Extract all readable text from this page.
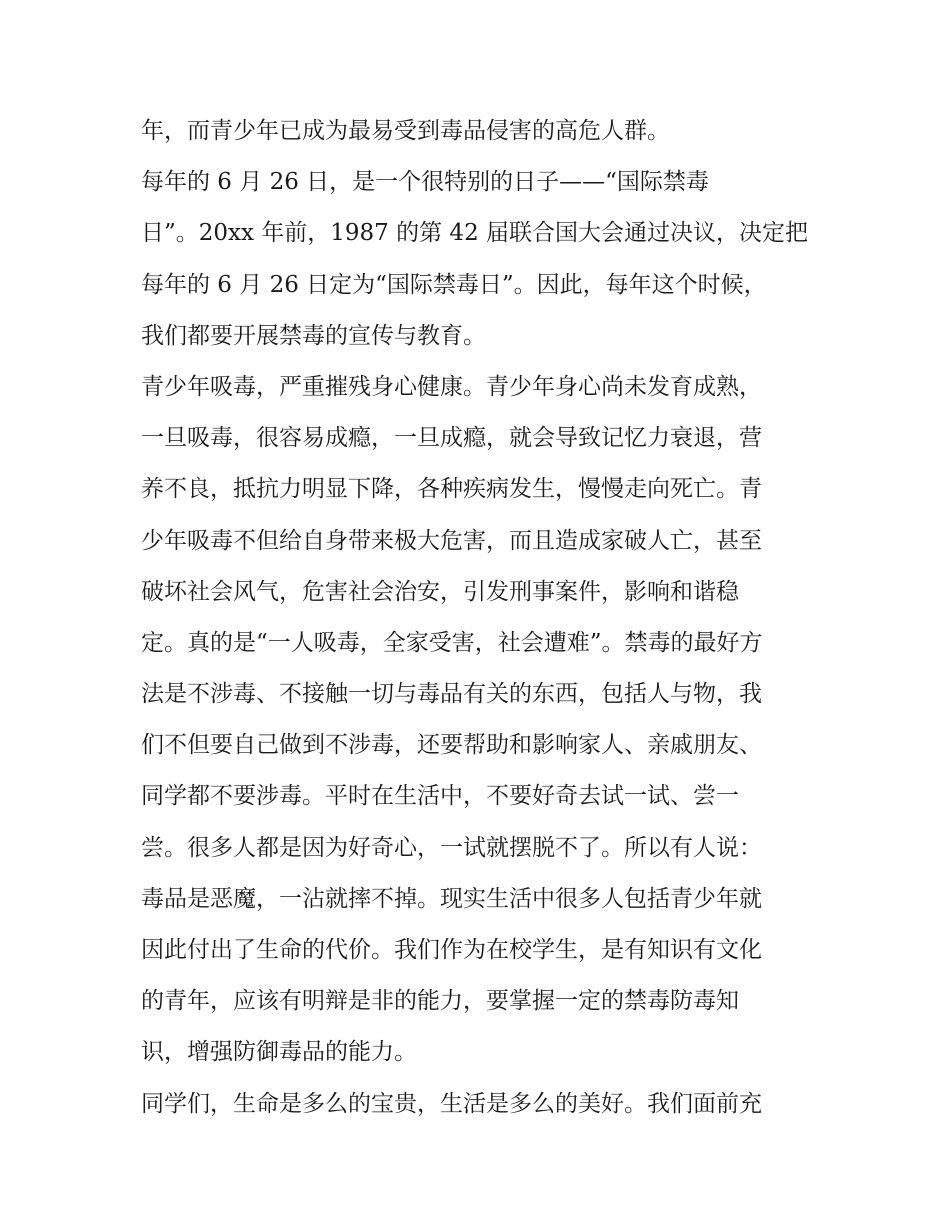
年，而青少年已成为最易受到毒品侵害的高危人群。
每年的 6 月 26 日，是一个很特别的日子——“国际禁毒
日”。20xx 年前，1987 的第 42 届联合国大会通过决议，决定把
每年的 6 月 26 日定为“国际禁毒日”。因此，每年这个时候，
我们都要开展禁毒的宣传与教育。
青少年吸毒，严重摧残身心健康。青少年身心尚未发育成熟，
一旦吸毒，很容易成瘾，一旦成瘾，就会导致记忆力衰退，营
养不良，抵抗力明显下降，各种疾病发生，慢慢走向死亡。青
少年吸毒不但给自身带来极大危害，而且造成家破人亡，甚至
破坏社会风气，危害社会治安，引发刑事案件，影响和谐稳
定。真的是“一人吸毒，全家受害，社会遭难”。禁毒的最好方
法是不涉毒、不接触一切与毒品有关的东西，包括人与物，我
们不但要自己做到不涉毒，还要帮助和影响家人、亲戚朋友、
同学都不要涉毒。平时在生活中，不要好奇去试一试、尝一
尝。很多人都是因为好奇心，一试就摆脱不了。所以有人说：
毒品是恶魔，一沾就摔不掉。现实生活中很多人包括青少年就
因此付出了生命的代价。我们作为在校学生，是有知识有文化
的青年，应该有明辩是非的能力，要掌握一定的禁毒防毒知
识，增强防御毒品的能力。
同学们，生命是多么的宝贵，生活是多么的美好。我们面前充
